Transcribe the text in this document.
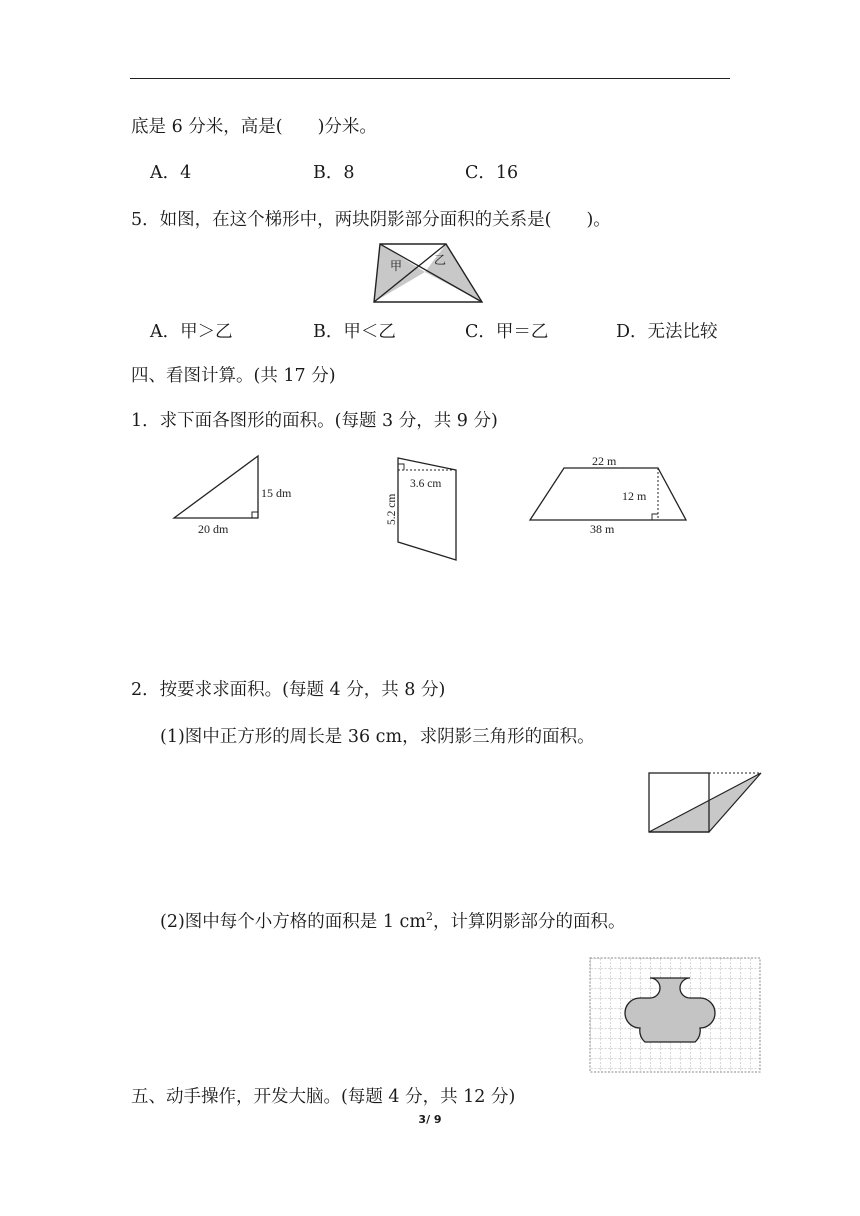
底是 6 分米，高是(　　)分米。
A．4	B．8	C．16
5．如图，在这个梯形中，两块阴影部分面积的关系是(　　)。
甲	乙
A．甲＞乙	B．甲＜乙	C．甲＝乙	D．无法比较
四、看图计算。(共 17 分)
1．求下面各图形的面积。(每题 3 分，共 9 分)
15 dm
20 dm
3.6 cm
5.2 cm
22 m
12 m
38 m
2．按要求求面积。(每题 4 分，共 8 分)
(1)图中正方形的周长是 36 cm，求阴影三角形的面积。
(2)图中每个小方格的面积是 1 $cm^2$，计算阴影部分的面积。
五、动手操作，开发大脑。(每题 4 分，共 12 分)
3/ 9
